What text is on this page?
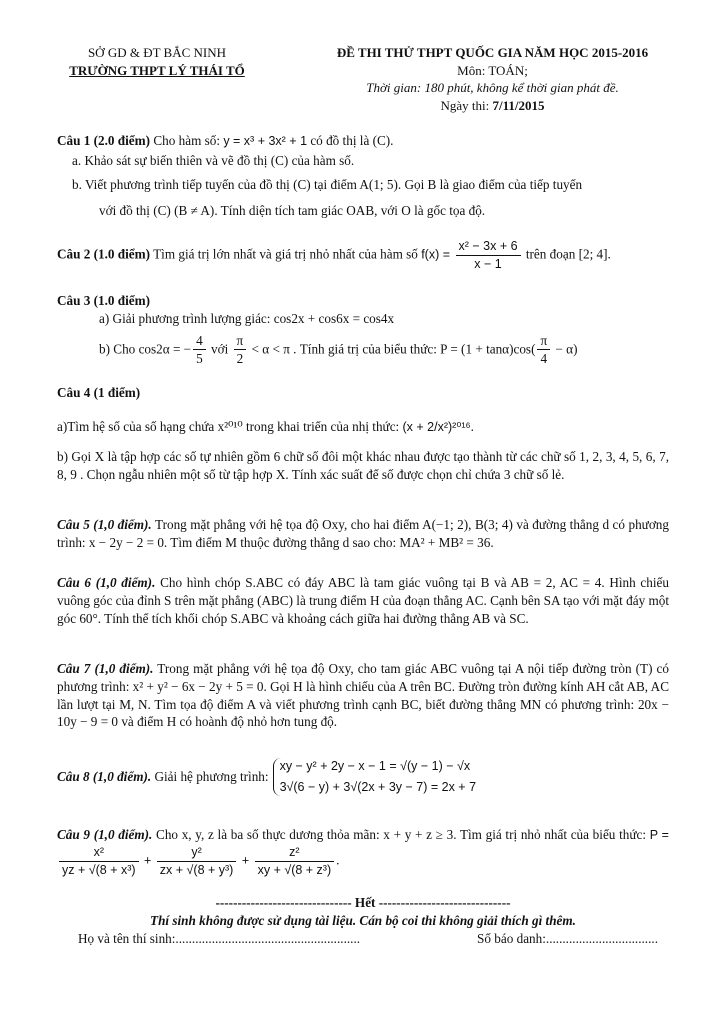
SỞ GD & ĐT BẮC NINH
TRƯỜNG THPT LÝ THÁI TỔ
ĐỀ THI THỬ THPT QUỐC GIA NĂM HỌC 2015-2016
Môn: TOÁN;
Thời gian: 180 phút, không kể thời gian phát đề.
Ngày thi: 7/11/2015
Câu 1 (2.0 điểm) Cho hàm số: y = x³ + 3x² + 1 có đồ thị là (C).
a. Khảo sát sự biến thiên và vẽ đồ thị (C) của hàm số.
b. Viết phương trình tiếp tuyến của đồ thị (C) tại điểm A(1; 5). Gọi B là giao điểm của tiếp tuyến
với đồ thị (C) (B ≠ A). Tính diện tích tam giác OAB, với O là gốc tọa độ.
Câu 2 (1.0 điểm) Tìm giá trị lớn nhất và giá trị nhỏ nhất của hàm số $f(x) = \frac{\text{x² − 3x + 6}}{x - 1}$ trên đoạn [2; 4].
Câu 3 (1.0 điểm)
a) Giải phương trình lượng giác: cos2x + cos6x = cos4x
b) Cho cos2α = − $\frac{4}{5}$ với $\frac{\pi}{2} < \alpha < \pi$ . Tính giá trị của biểu thức: $P = (1 + \tan\alpha)\cos( \frac{\pi}{4} - \alpha)$
Câu 4 (1 điểm)
a)Tìm hệ số của số hạng chứa x²⁰¹⁰ trong khai triển của nhị thức: (x + 2/x²)²⁰¹⁶.
b) Gọi X là tập hợp các số tự nhiên gồm 6 chữ số đôi một khác nhau được tạo thành từ các chữ số 1, 2, 3, 4, 5, 6, 7, 8, 9 . Chọn ngẫu nhiên một số từ tập hợp X. Tính xác suất để số được chọn chỉ chứa 3 chữ số lẻ.
Câu 5 (1,0 điểm). Trong mặt phẳng với hệ tọa độ Oxy, cho hai điểm A(−1; 2), B(3; 4) và đường thẳng d có phương trình: x − 2y − 2 = 0. Tìm điểm M thuộc đường thẳng d sao cho: MA² + MB² = 36.
Câu 6 (1,0 điểm). Cho hình chóp S.ABC có đáy ABC là tam giác vuông tại B và AB = 2, AC = 4. Hình chiếu vuông góc của đỉnh S trên mặt phẳng (ABC) là trung điểm H của đoạn thẳng AC. Cạnh bên SA tạo với mặt đáy một góc 60°. Tính thể tích khối chóp S.ABC và khoảng cách giữa hai đường thẳng AB và SC.
Câu 7 (1,0 điểm). Trong mặt phẳng với hệ tọa độ Oxy, cho tam giác ABC vuông tại A nội tiếp đường tròn (T) có phương trình: x² + y² − 6x − 2y + 5 = 0. Gọi H là hình chiếu của A trên BC. Đường tròn đường kính AH cắt AB, AC lần lượt tại M, N. Tìm tọa độ điểm A và viết phương trình cạnh BC, biết đường thẳng MN có phương trình: 20x − 10y − 9 = 0 và điểm H có hoành độ nhỏ hơn tung độ.
Câu 8 (1,0 điểm). Giải hệ phương trình:
xy − y² + 2y − x − 1 = √(y − 1) − √x
3√(6 − y) + 3√(2x + 3y − 7) = 2x + 7
Câu 9 (1,0 điểm). Cho x, y, z là ba số thực dương thỏa mãn: x + y + z ≥ 3. Tìm giá trị nhỏ nhất của biểu thức: P =
$\frac{\text{x²}}{\text{yz + √(8 + x³)}} + \frac{\text{y²}}{\text{zx + √(8 + y³)}} + \frac{\text{z²}}{\text{xy + √(8 + z³)}}$ .
------------------------------- Hết ------------------------------
Thí sinh không được sử dụng tài liệu. Cán bộ coi thi không giải thích gì thêm.
Họ và tên thí sinh:........................................................	Số báo danh:..................................
